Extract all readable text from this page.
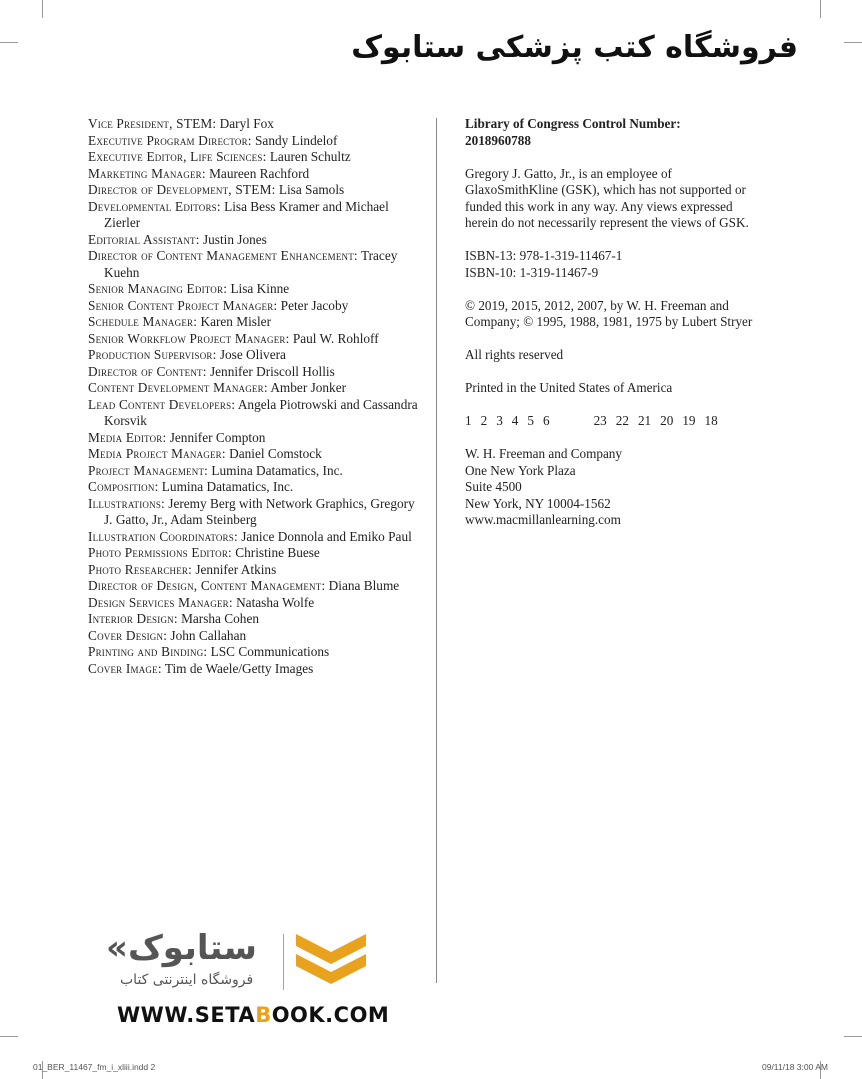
فروشگاه کتب پزشکی ستابوک
Vice President, STEM: Daryl Fox
Executive Program Director: Sandy Lindelof
Executive Editor, Life Sciences: Lauren Schultz
Marketing Manager: Maureen Rachford
Director of Development, STEM: Lisa Samols
Developmental Editors: Lisa Bess Kramer and Michael Zierler
Editorial Assistant: Justin Jones
Director of Content Management Enhancement: Tracey Kuehn
Senior Managing Editor: Lisa Kinne
Senior Content Project Manager: Peter Jacoby
Schedule Manager: Karen Misler
Senior Workflow Project Manager: Paul W. Rohloff
Production Supervisor: Jose Olivera
Director of Content: Jennifer Driscoll Hollis
Content Development Manager: Amber Jonker
Lead Content Developers: Angela Piotrowski and Cassandra Korsvik
Media Editor: Jennifer Compton
Media Project Manager: Daniel Comstock
Project Management: Lumina Datamatics, Inc.
Composition: Lumina Datamatics, Inc.
Illustrations: Jeremy Berg with Network Graphics, Gregory J. Gatto, Jr., Adam Steinberg
Illustration Coordinators: Janice Donnola and Emiko Paul
Photo Permissions Editor: Christine Buese
Photo Researcher: Jennifer Atkins
Director of Design, Content Management: Diana Blume
Design Services Manager: Natasha Wolfe
Interior Design: Marsha Cohen
Cover Design: John Callahan
Printing and Binding: LSC Communications
Cover Image: Tim de Waele/Getty Images
Library of Congress Control Number:
2018960788
Gregory J. Gatto, Jr., is an employee of GlaxoSmithKline (GSK), which has not supported or funded this work in any way. Any views expressed herein do not necessarily represent the views of GSK.
ISBN-13: 978-1-319-11467-1
ISBN-10: 1-319-11467-9
© 2019, 2015, 2012, 2007, by W. H. Freeman and Company; © 1995, 1988, 1981, 1975 by Lubert Stryer
All rights reserved
Printed in the United States of America
1 2 3 4 5 6	23 22 21 20 19 18
W. H. Freeman and Company
One New York Plaza
Suite 4500
New York, NY 10004-1562
www.macmillanlearning.com
«ستابوک
فروشگاه اینترنتی کتاب
WWW.SETABOOK.COM
01_BER_11467_fm_i_xliii.indd 2	09/11/18 3:00 AM
